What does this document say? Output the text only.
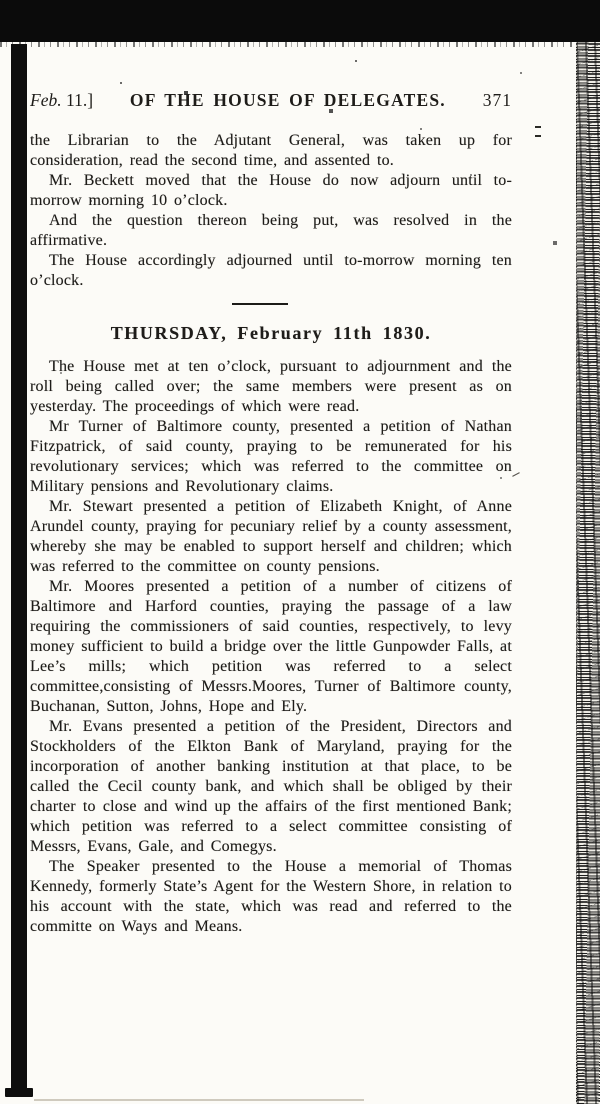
Feb. 11.] OF THE HOUSE OF DELEGATES. 371

the Librarian to the Adjutant General, was taken up for consideration, read the second time, and assented to.

Mr. Beckett moved that the House do now adjourn until to-morrow morning 10 o’clock.

And the question thereon being put, was resolved in the affirmative.

The House accordingly adjourned until to-morrow morning ten o’clock.

THURSDAY, February 11th 1830.

The House met at ten o’clock, pursuant to adjournment and the roll being called over; the same members were present as on yesterday. The proceedings of which were read.

Mr Turner of Baltimore county, presented a petition of Nathan Fitzpatrick, of said county, praying to be remunerated for his revolutionary services; which was referred to the committee on Military pensions and Revolutionary claims.

Mr. Stewart presented a petition of Elizabeth Knight, of Anne Arundel county, praying for pecuniary relief by a county assessment, whereby she may be enabled to support herself and children; which was referred to the committee on county pensions.

Mr. Moores presented a petition of a number of citizens of Baltimore and Harford counties, praying the passage of a law requiring the commissioners of said counties, respectively, to levy money sufficient to build a bridge over the little Gunpowder Falls, at Lee’s mills; which petition was referred to a select committee,consisting of Messrs.Moores, Turner of Baltimore county, Buchanan, Sutton, Johns, Hope and Ely.

Mr. Evans presented a petition of the President, Directors and Stockholders of the Elkton Bank of Maryland, praying for the incorporation of another banking institution at that place, to be called the Cecil county bank, and which shall be obliged by their charter to close and wind up the affairs of the first mentioned Bank; which petition was referred to a select committee consisting of Messrs, Evans, Gale, and Comegys.

The Speaker presented to the House a memorial of Thomas Kennedy, formerly State’s Agent for the Western Shore, in relation to his account with the state, which was read and referred to the committe on Ways and Means.
